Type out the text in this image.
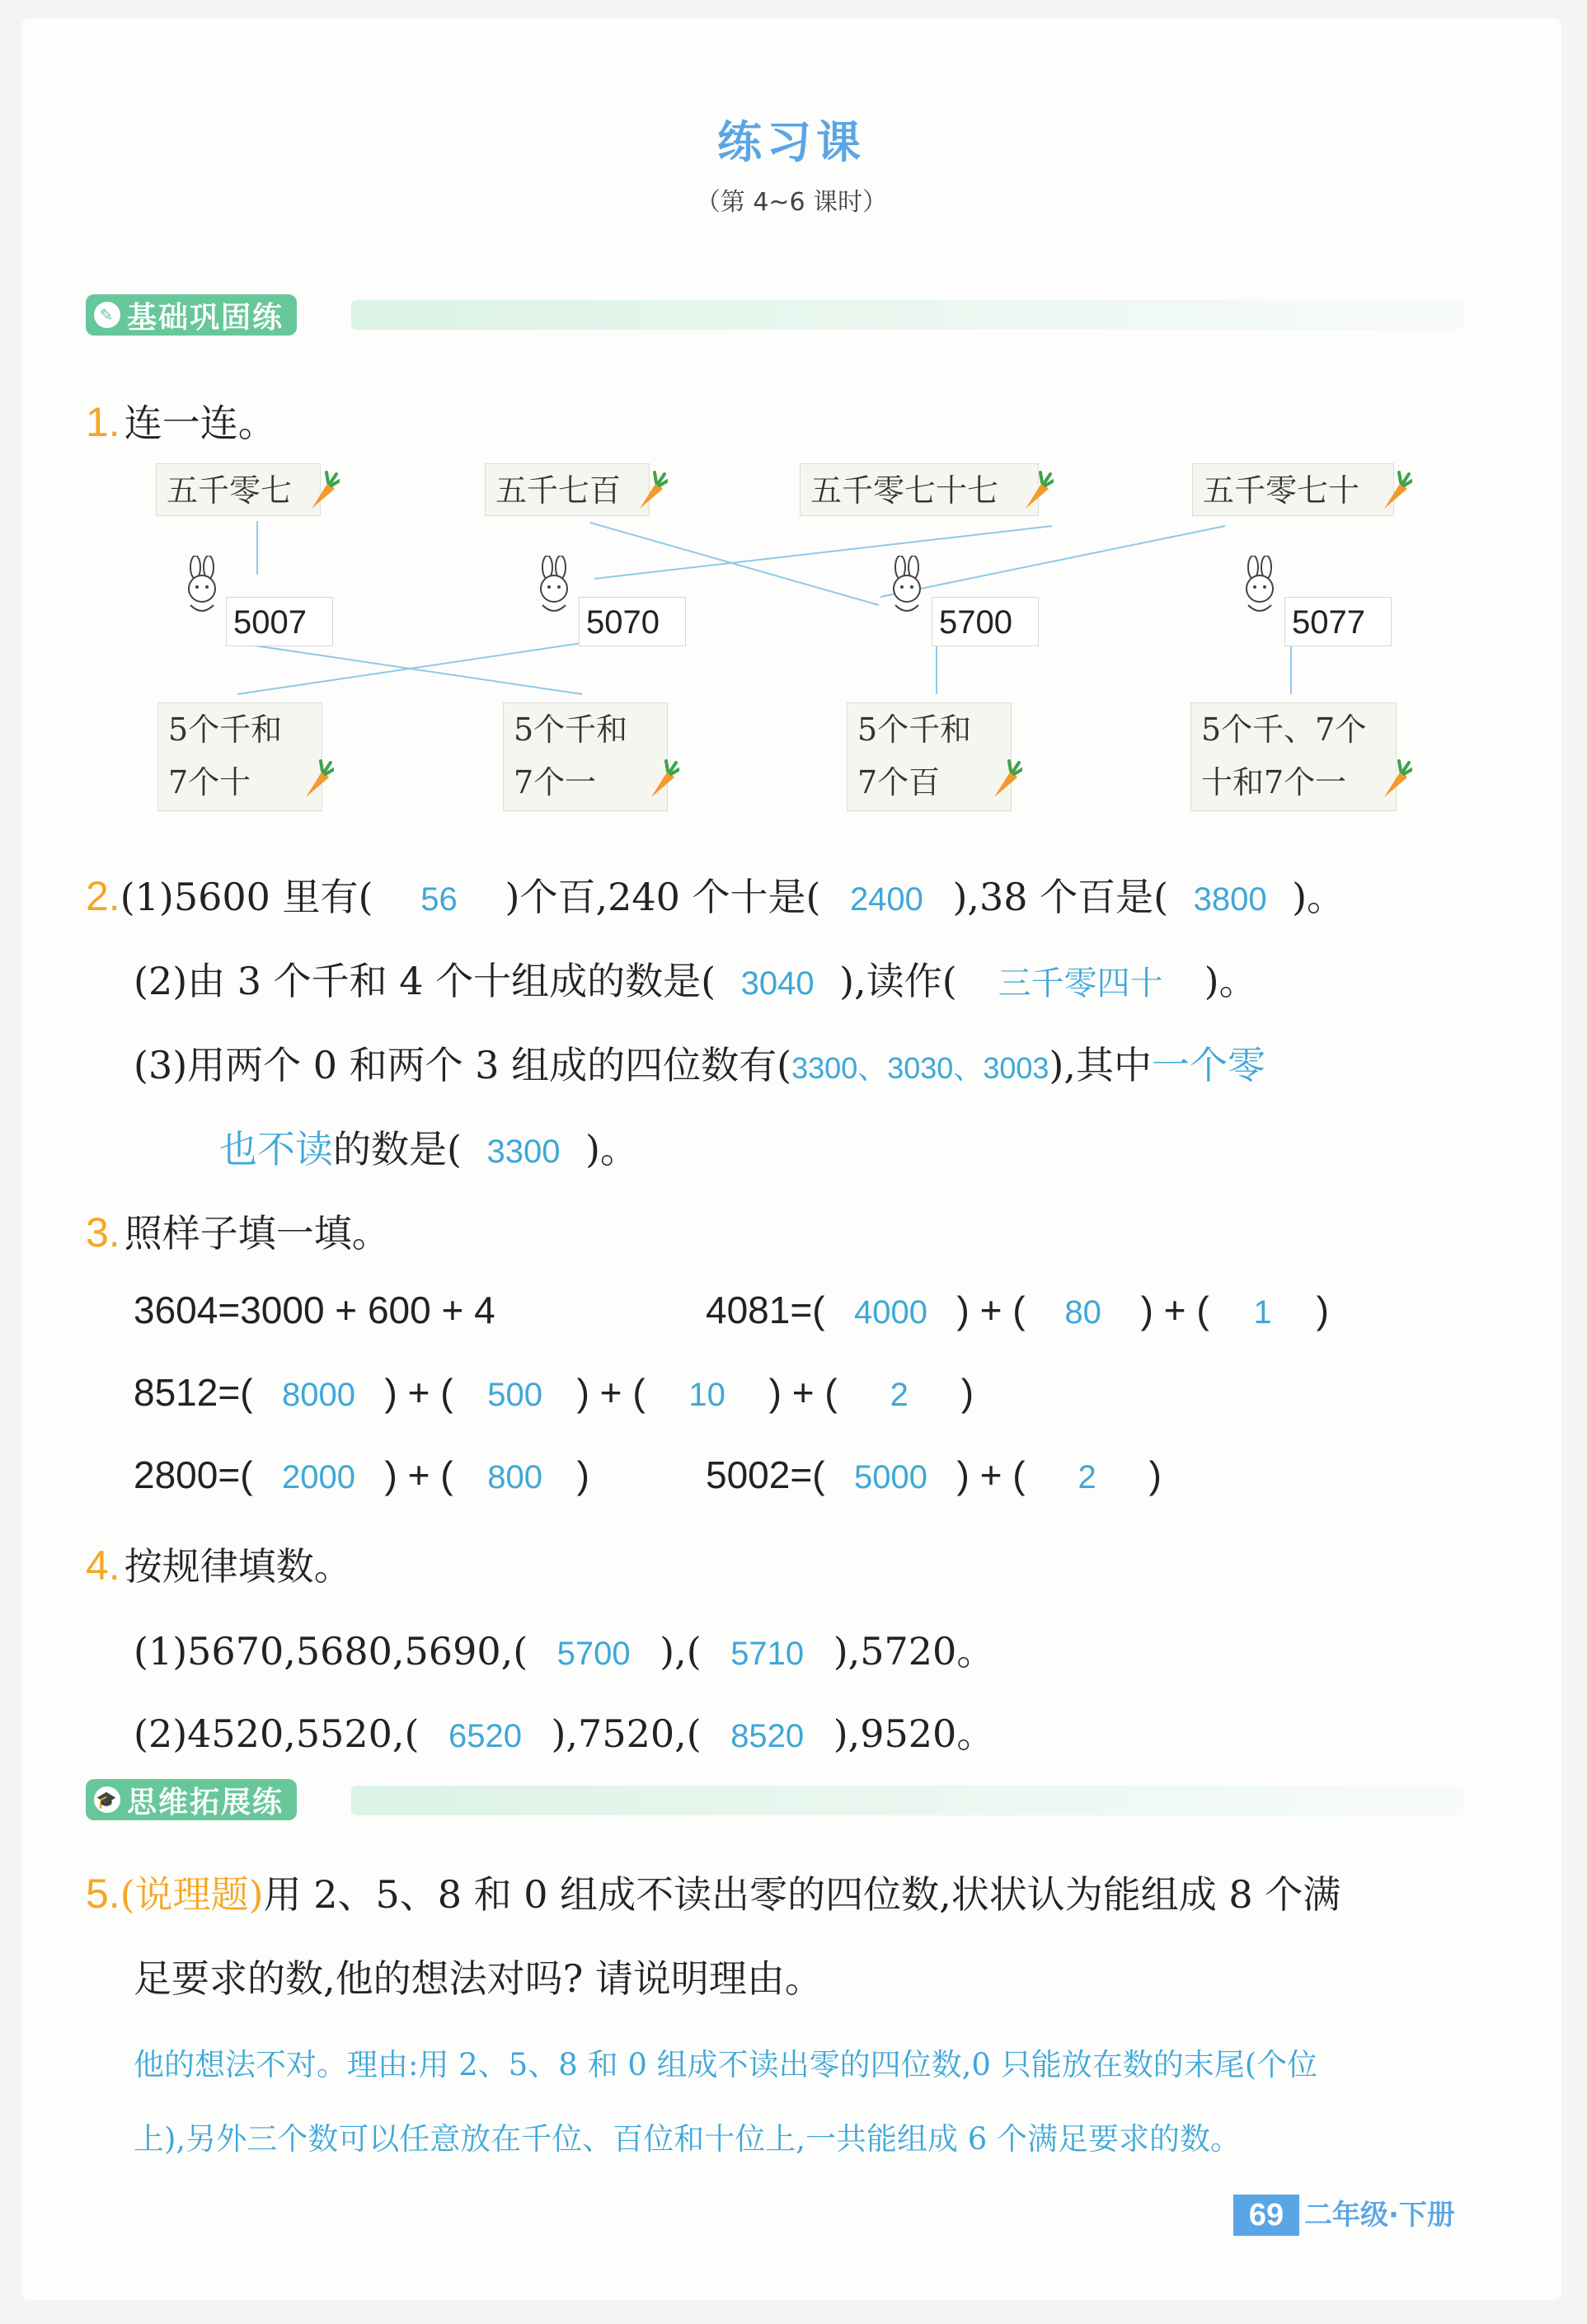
练习课
（第 4~6 课时）
✎ 基础巩固练
1. 连一连。
五千零七	五千七百	五千零七十七	五千零七十
5007	5070	5700	5077
5个千和
7个十
5个千和
7个一
5个千和
7个百
5个千、7个
十和7个一
2.(1)5600 里有( 56 )个百,240 个十是( 2400 ),38 个百是( 3800 )。
(2)由 3 个千和 4 个十组成的数是( 3040 ),读作( 三千零四十 )。
(3)用两个 0 和两个 3 组成的四位数有(3300、3030、3003),其中一个零
也不读的数是( 3300 )。
3. 照样子填一填。
3604=3000 + 600 + 4	4081=( 4000 ) + ( 80 ) + ( 1 )
8512=( 8000 ) + ( 500 ) + ( 10 ) + ( 2 )
2800=( 2000 ) + ( 800 )	5002=( 5000 ) + ( 2 )
4. 按规律填数。
(1)5670,5680,5690,( 5700 ),( 5710 ),5720。
(2)4520,5520,( 6520 ),7520,( 8520 ),9520。
🎓 思维拓展练
5.(说理题)用 2、5、8 和 0 组成不读出零的四位数,状状认为能组成 8 个满
足要求的数,他的想法对吗? 请说明理由。
他的想法不对。理由:用 2、5、8 和 0 组成不读出零的四位数,0 只能放在数的末尾(个位
上),另外三个数可以任意放在千位、百位和十位上,一共能组成 6 个满足要求的数。
69 二年级·下册
